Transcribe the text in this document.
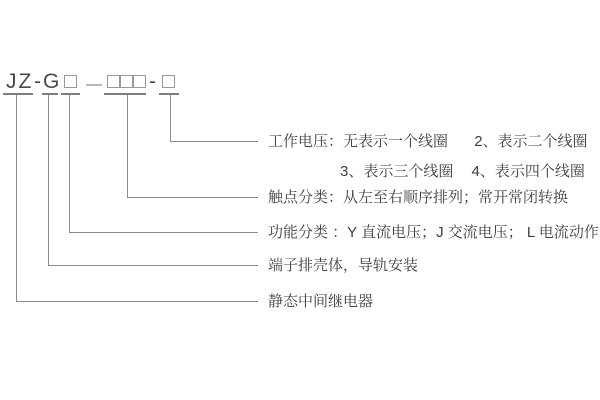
JZ - G — -
工作电压：无表示一个线圈 2、表示二个线圈
3、表示三个线圈 4、表示四个线圈
触点分类：从左至右顺序排列；常开常闭转换
功能分类 ：Y 直流电压；J 交流电压； L 电流动作
端子排壳体，导轨安装
静态中间继电器
